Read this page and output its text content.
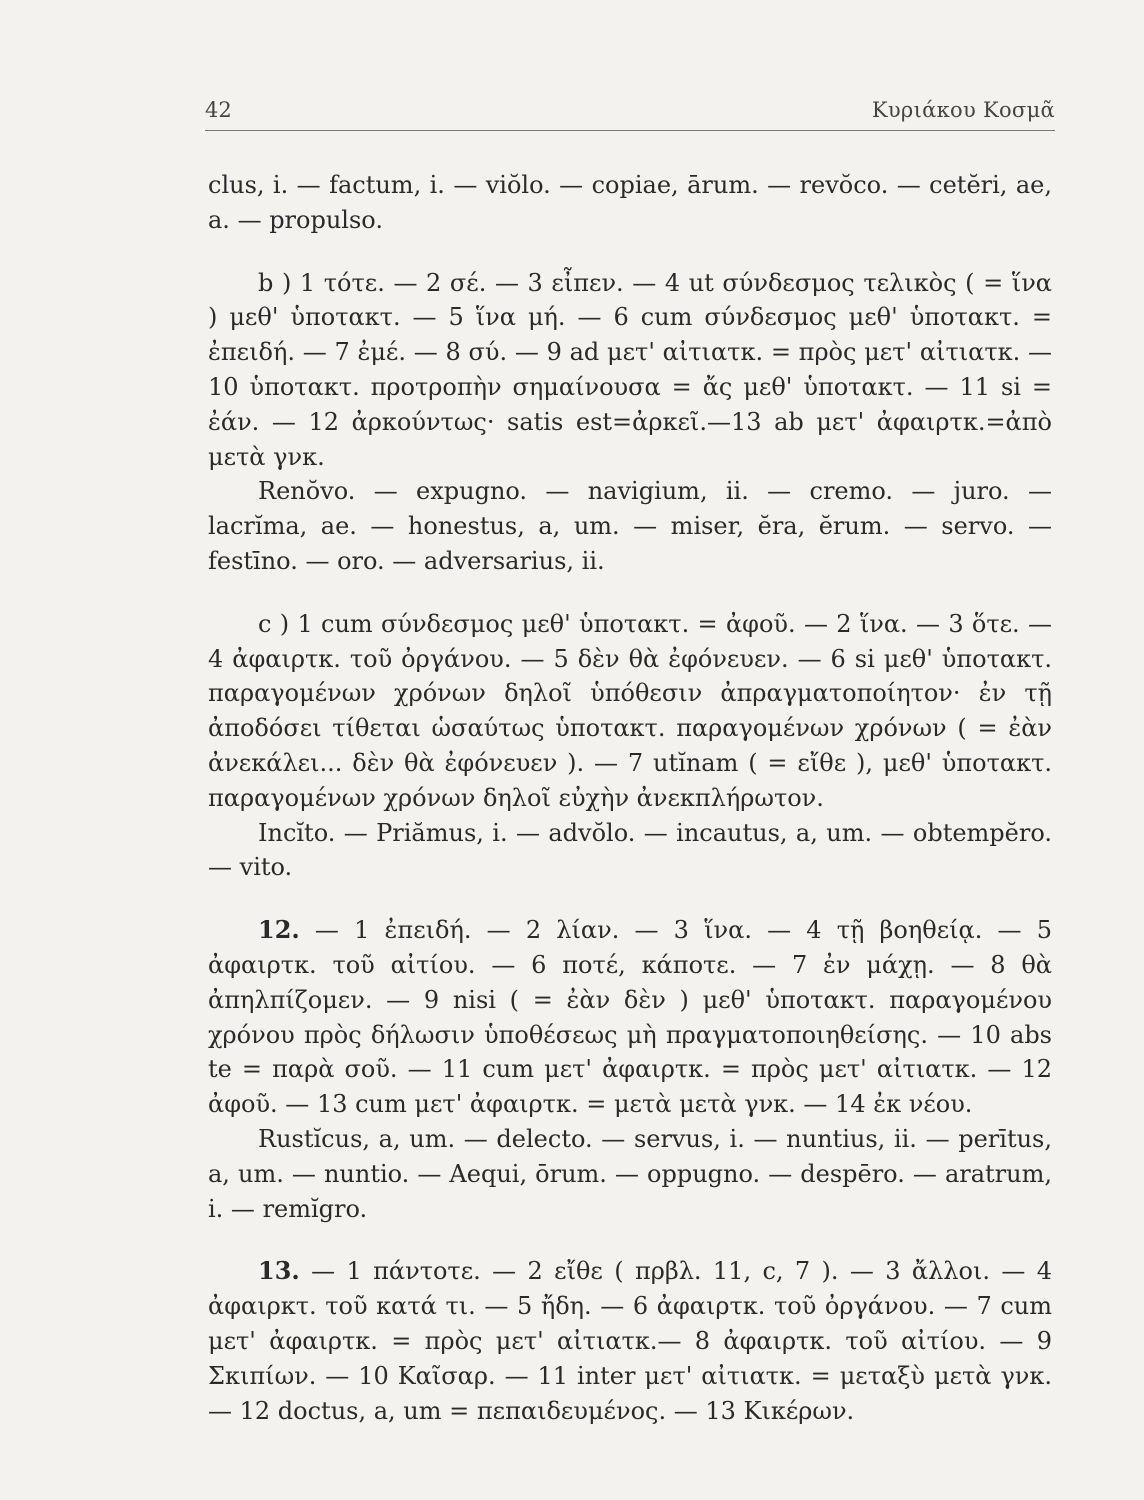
42	Κυριάκου Κοσμᾶ

clus, i. — factum, i. — viŏlo. — copiae, ārum. — revŏco. — cetĕri, ae, a. — propulso.

b ) 1 τότε. — 2 σέ. — 3 εἶπεν. — 4 ut σύνδεσμος τελικὸς ( = ἵνα ) μεθ' ὑποτακτ. — 5 ἵνα μή. — 6 cum σύνδεσμος μεθ' ὑποτακτ. = ἐπειδή. — 7 ἐμέ. — 8 σύ. — 9 ad μετ' αἰτιατκ. = πρὸς μετ' αἰτιατκ. — 10 ὑποτακτ. προτροπὴν σημαίνουσα = ἄς μεθ' ὑποτακτ. — 11 si = ἐάν. — 12 ἀρκούντως· satis est=ἀρκεῖ.—13 ab μετ' ἀφαιρτκ.=ἀπὸ μετὰ γνκ.

Renŏvo. — expugno. — navigium, ii. — cremo. — juro. — lacrĭma, ae. — honestus, a, um. — miser, ĕra, ĕrum. — servo. — festīno. — oro. — adversarius, ii.

c ) 1 cum σύνδεσμος μεθ' ὑποτακτ. = ἀφοῦ. — 2 ἵνα. — 3 ὅτε. — 4 ἀφαιρτκ. τοῦ ὀργάνου. — 5 δὲν θὰ ἐφόνευεν. — 6 si μεθ' ὑποτακτ. παραγομένων χρόνων δηλοῖ ὑπόθεσιν ἀπραγματοποίητον· ἐν τῇ ἀποδόσει τίθεται ὡσαύτως ὑποτακτ. παραγομένων χρόνων ( = ἐὰν ἀνεκάλει... δὲν θὰ ἐφόνευεν ). — 7 utĭnam ( = εἴθε ), μεθ' ὑποτακτ. παραγομένων χρόνων δηλοῖ εὐχὴν ἀνεκπλήρωτον.

Incĭto. — Priămus, i. — advŏlo. — incautus, a, um. — obtempĕro. — vito.

12. — 1 ἐπειδή. — 2 λίαν. — 3 ἵνα. — 4 τῇ βοηθείᾳ. — 5 ἀφαιρτκ. τοῦ αἰτίου. — 6 ποτέ, κάποτε. — 7 ἐν μάχῃ. — 8 θὰ ἀπηλπίζομεν. — 9 nisi ( = ἐὰν δὲν ) μεθ' ὑποτακτ. παραγομένου χρόνου πρὸς δήλωσιν ὑποθέσεως μὴ πραγματοποιηθείσης. — 10 abs te = παρὰ σοῦ. — 11 cum μετ' ἀφαιρτκ. = πρὸς μετ' αἰτιατκ. — 12 ἀφοῦ. — 13 cum μετ' ἀφαιρτκ. = μετὰ μετὰ γνκ. — 14 ἐκ νέου.

Rustĭcus, a, um. — delecto. — servus, i. — nuntius, ii. — perītus, a, um. — nuntio. — Aequi, ōrum. — oppugno. — despēro. — aratrum, i. — remĭgro.

13. — 1 πάντοτε. — 2 εἴθε ( πρβλ. 11, c, 7 ). — 3 ἄλλοι. — 4 ἀφαιρκτ. τοῦ κατά τι. — 5 ἤδη. — 6 ἀφαιρτκ. τοῦ ὀργάνου. — 7 cum μετ' ἀφαιρτκ. = πρὸς μετ' αἰτιατκ.— 8 ἀφαιρτκ. τοῦ αἰτίου. — 9 Σκιπίων. — 10 Καῖσαρ. — 11 inter μετ' αἰτιατκ. = μεταξὺ μετὰ γνκ. — 12 doctus, a, um = πεπαιδευμένος. — 13 Κικέρων.
